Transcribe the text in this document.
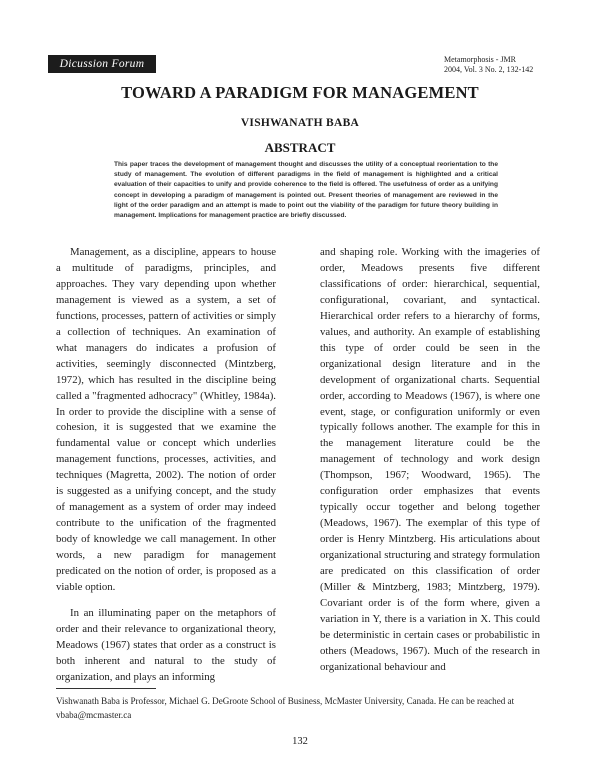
Dicussion Forum	Metamorphosis - JMR
2004, Vol. 3 No. 2, 132-142
TOWARD A PARADIGM FOR MANAGEMENT
VISHWANATH BABA
ABSTRACT
This paper traces the development of management thought and discusses the utility of a conceptual reorientation to the study of management. The evolution of different paradigms in the field of management is highlighted and a critical evaluation of their capacities to unify and provide coherence to the field is offered. The usefulness of order as a unifying concept in developing a paradigm of management is pointed out. Present theories of management are reviewed in the light of the order paradigm and an attempt is made to point out the viability of the paradigm for future theory building in management. Implications for management practice are briefly discussed.

Management, as a discipline, appears to house a multitude of paradigms, principles, and approaches. They vary depending upon whether management is viewed as a system, a set of functions, processes, pattern of activities or simply a collection of techniques. An examination of what managers do indicates a profusion of activities, seemingly disconnected (Mintzberg, 1972), which has resulted in the discipline being called a "fragmented adhocracy" (Whitley, 1984a). In order to provide the discipline with a sense of cohesion, it is suggested that we examine the fundamental value or concept which underlies management functions, processes, activities, and techniques (Magretta, 2002). The notion of order is suggested as a unifying concept, and the study of management as a system of order may indeed contribute to the unification of the fragmented body of knowledge we call management. In other words, a new paradigm for management predicated on the notion of order, is proposed as a viable option.

In an illuminating paper on the metaphors of order and their relevance to organizational theory, Meadows (1967) states that order as a construct is both inherent and natural to the study of organization, and plays an informing

and shaping role. Working with the imageries of order, Meadows presents five different classifications of order: hierarchical, sequential, configurational, covariant, and syntactical. Hierarchical order refers to a hierarchy of forms, values, and authority. An example of establishing this type of order could be seen in the organizational design literature and in the development of organizational charts. Sequential order, according to Meadows (1967), is where one event, stage, or configuration uniformly or even typically follows another. The example for this in the management literature could be the management of technology and work design (Thompson, 1967; Woodward, 1965). The configuration order emphasizes that events typically occur together and belong together (Meadows, 1967). The exemplar of this type of order is Henry Mintzberg. His articulations about organizational structuring and strategy formulation are predicated on this classification of order (Miller & Mintzberg, 1983; Mintzberg, 1979). Covariant order is of the form where, given a variation in Y, there is a variation in X. This could be deterministic in certain cases or probabilistic in others (Meadows, 1967). Much of the research in organizational behaviour and

Vishwanath Baba is Professor, Michael G. DeGroote School of Business, McMaster University, Canada. He can be reached at vbaba@mcmaster.ca
132
